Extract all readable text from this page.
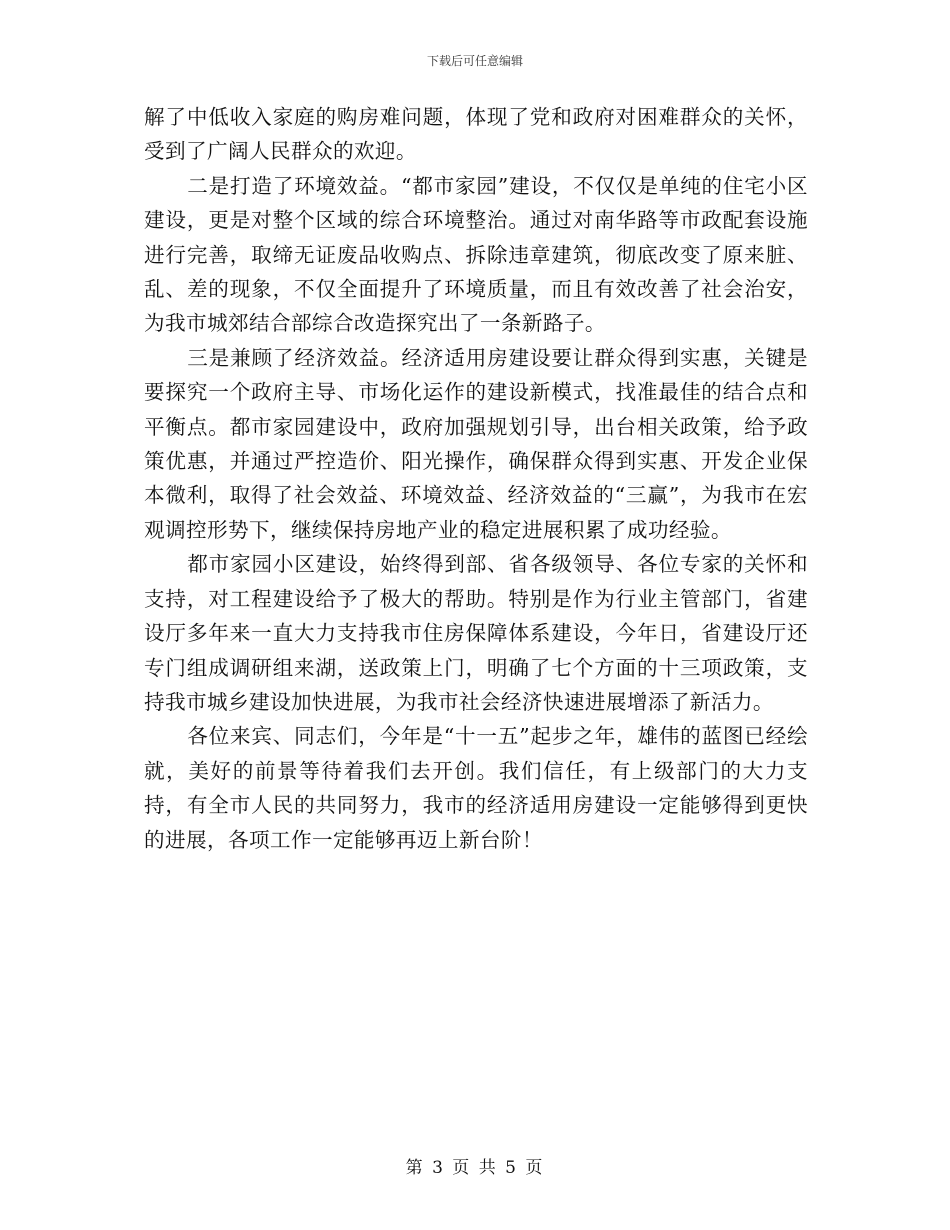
下载后可任意编辑

解了中低收入家庭的购房难问题，体现了党和政府对困难群众的关怀，受到了广阔人民群众的欢迎。

二是打造了环境效益。“都市家园”建设，不仅仅是单纯的住宅小区建设，更是对整个区域的综合环境整治。通过对南华路等市政配套设施进行完善，取缔无证废品收购点、拆除违章建筑，彻底改变了原来脏、乱、差的现象，不仅全面提升了环境质量，而且有效改善了社会治安，为我市城郊结合部综合改造探究出了一条新路子。

三是兼顾了经济效益。经济适用房建设要让群众得到实惠，关键是要探究一个政府主导、市场化运作的建设新模式，找准最佳的结合点和平衡点。都市家园建设中，政府加强规划引导，出台相关政策，给予政策优惠，并通过严控造价、阳光操作，确保群众得到实惠、开发企业保本微利，取得了社会效益、环境效益、经济效益的“三赢”，为我市在宏观调控形势下，继续保持房地产业的稳定进展积累了成功经验。

都市家园小区建设，始终得到部、省各级领导、各位专家的关怀和支持，对工程建设给予了极大的帮助。特别是作为行业主管部门，省建设厅多年来一直大力支持我市住房保障体系建设，今年日，省建设厅还专门组成调研组来湖，送政策上门，明确了七个方面的十三项政策，支持我市城乡建设加快进展，为我市社会经济快速进展增添了新活力。

各位来宾、同志们，今年是“十一五”起步之年，雄伟的蓝图已经绘就，美好的前景等待着我们去开创。我们信任，有上级部门的大力支持，有全市人民的共同努力，我市的经济适用房建设一定能够得到更快的进展，各项工作一定能够再迈上新台阶！

第 3 页 共 5 页
